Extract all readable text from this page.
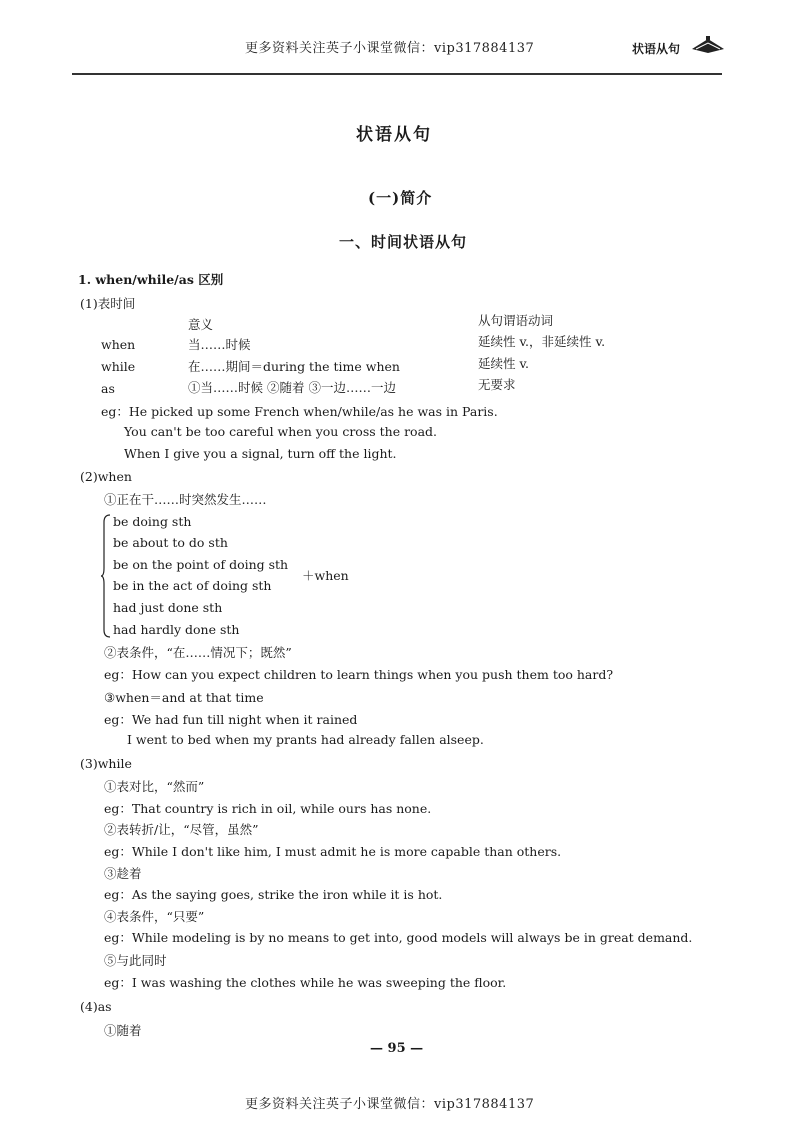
更多资料关注英子小课堂微信：vip317884137	状语从句
状语从句
(一)简介
一、时间状语从句
1. when/while/as 区别
(1)表时间
意义	从句谓语动词
when	当……时候	延续性 v.，非延续性 v.
while	在……期间＝during the time when	延续性 v.
as	①当……时候 ②随着 ③一边……一边	无要求
eg：He picked up some French when/while/as he was in Paris.
You can't be too careful when you cross the road.
When I give you a signal, turn off the light.
(2)when
①正在干……时突然发生……
be doing sth
be about to do sth
be on the point of doing sth
be in the act of doing sth
had just done sth
had hardly done sth
＋when
②表条件，“在……情况下；既然”
eg：How can you expect children to learn things when you push them too hard?
③when＝and at that time
eg：We had fun till night when it rained
I went to bed when my prants had already fallen alseep.
(3)while
①表对比，“然而”
eg：That country is rich in oil, while ours has none.
②表转折/让，“尽管，虽然”
eg：While I don't like him, I must admit he is more capable than others.
③趁着
eg：As the saying goes, strike the iron while it is hot.
④表条件，“只要”
eg：While modeling is by no means to get into, good models will always be in great demand.
⑤与此同时
eg：I was washing the clothes while he was sweeping the floor.
(4)as
①随着
— 95 —
更多资料关注英子小课堂微信：vip317884137
